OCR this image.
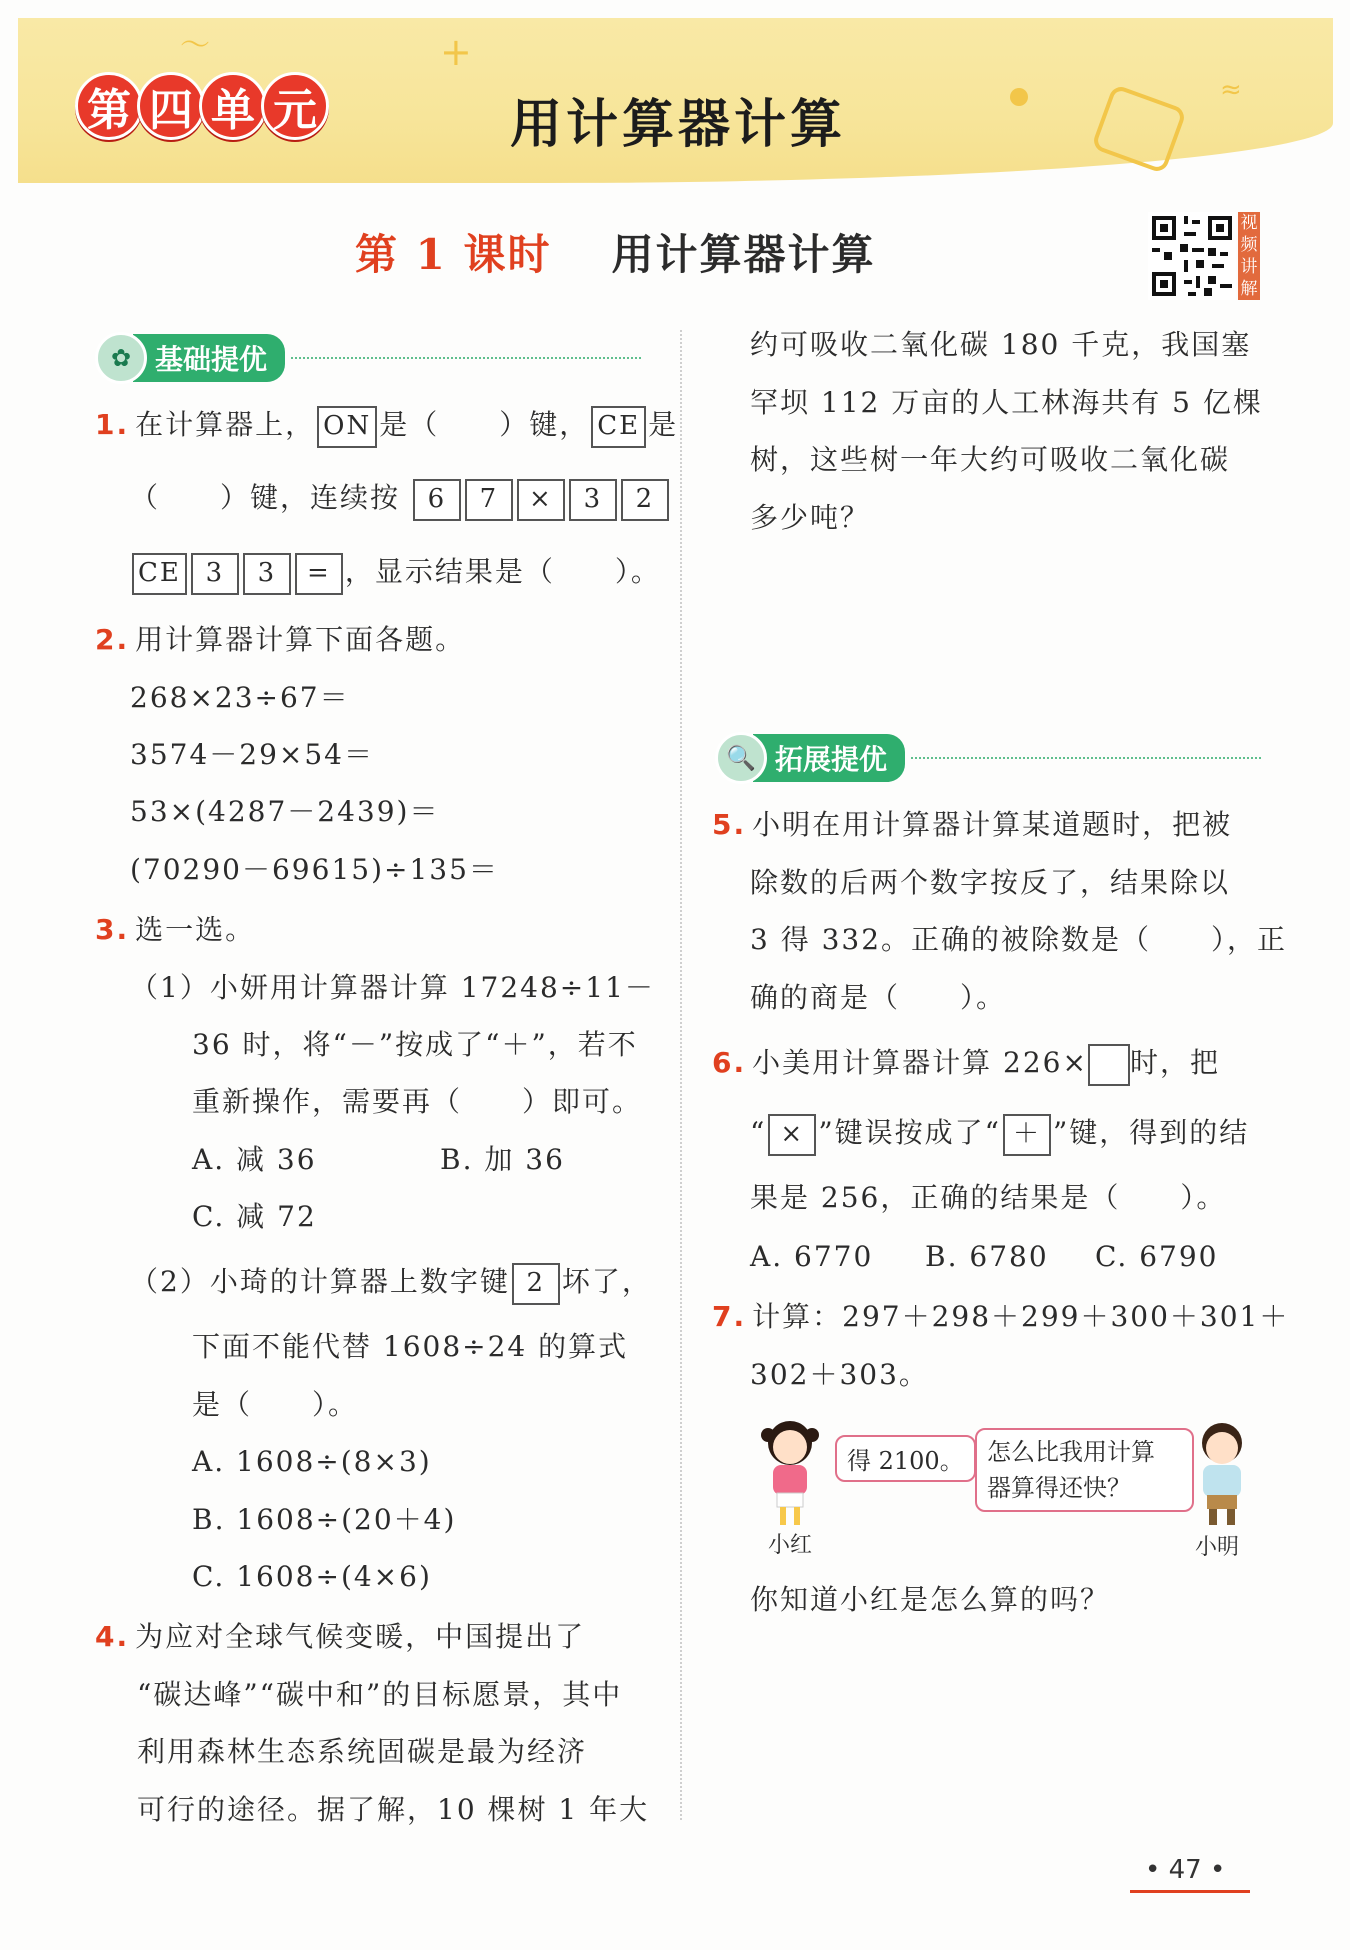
～	+
≈
第 四 单 元	用计算器计算
第 1 课时 用计算器计算
视频讲解
✿ 基础提优
1. 在计算器上， ON 是（　　）键， CE 是
（　　）键，连续按 6 7 × 3 2
CE 3 3 = ，显示结果是（　　）。
2. 用计算器计算下面各题。
268×23÷67＝
3574－29×54＝
53×(4287－2439)＝
(70290－69615)÷135＝
3. 选一选。
（1）小妍用计算器计算 17248÷11－
36 时，将“－”按成了“＋”，若不
重新操作，需要再（　　）即可。
A. 减 36	B. 加 36
C. 减 72
（2）小琦的计算器上数字键 2 坏了，
下面不能代替 1608÷24 的算式
是（　　）。
A. 1608÷(8×3)
B. 1608÷(20＋4)
C. 1608÷(4×6)
4. 为应对全球气候变暖，中国提出了
“碳达峰”“碳中和”的目标愿景，其中
利用森林生态系统固碳是最为经济
可行的途径。据了解，10 棵树 1 年大
约可吸收二氧化碳 180 千克，我国塞
罕坝 112 万亩的人工林海共有 5 亿棵
树，这些树一年大约可吸收二氧化碳
多少吨？
🔍 拓展提优
5. 小明在用计算器计算某道题时，把被
除数的后两个数字按反了，结果除以
3 得 332。正确的被除数是（　　），正
确的商是（　　）。
6. 小美用计算器计算 226× 时，把
“ × ”键误按成了“ ＋ ”键，得到的结
果是 256，正确的结果是（　　）。
A. 6770 B. 6780 C. 6790
7. 计算：297＋298＋299＋300＋301＋
302＋303。
得 2100。 怎么比我用计算
器算得还快？
小红	小明
你知道小红是怎么算的吗？
• 47 •
